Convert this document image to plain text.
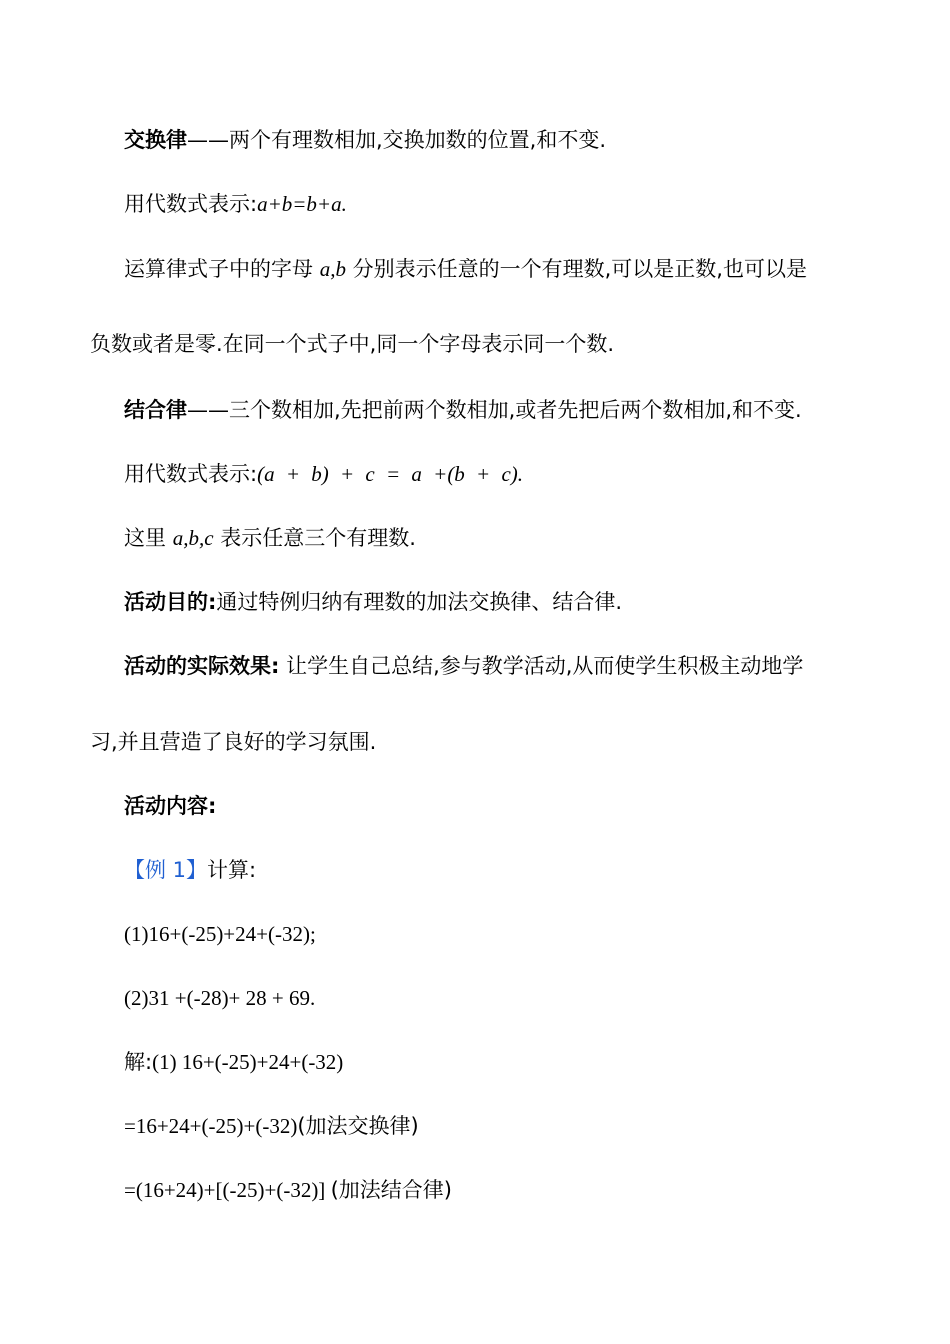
交换律——两个有理数相加,交换加数的位置,和不变.
用代数式表示:a+b=b+a.
运算律式子中的字母 a,b 分别表示任意的一个有理数,可以是正数,也可以是
负数或者是零.在同一个式子中,同一个字母表示同一个数.
结合律——三个数相加,先把前两个数相加,或者先把后两个数相加,和不变.
用代数式表示:(a + b) + c = a +(b + c).
这里 a,b,c 表示任意三个有理数.
活动目的:通过特例归纳有理数的加法交换律、结合律.
活动的实际效果: 让学生自己总结,参与教学活动,从而使学生积极主动地学
习,并且营造了良好的学习氛围.
活动内容:
【例 1】计算:
(1)16+(-25)+24+(-32);
(2)31 +(-28)+ 28 + 69.
解:(1) 16+(-25)+24+(-32)
=16+24+(-25)+(-32)(加法交换律)
=(16+24)+[(-25)+(-32)] (加法结合律)
